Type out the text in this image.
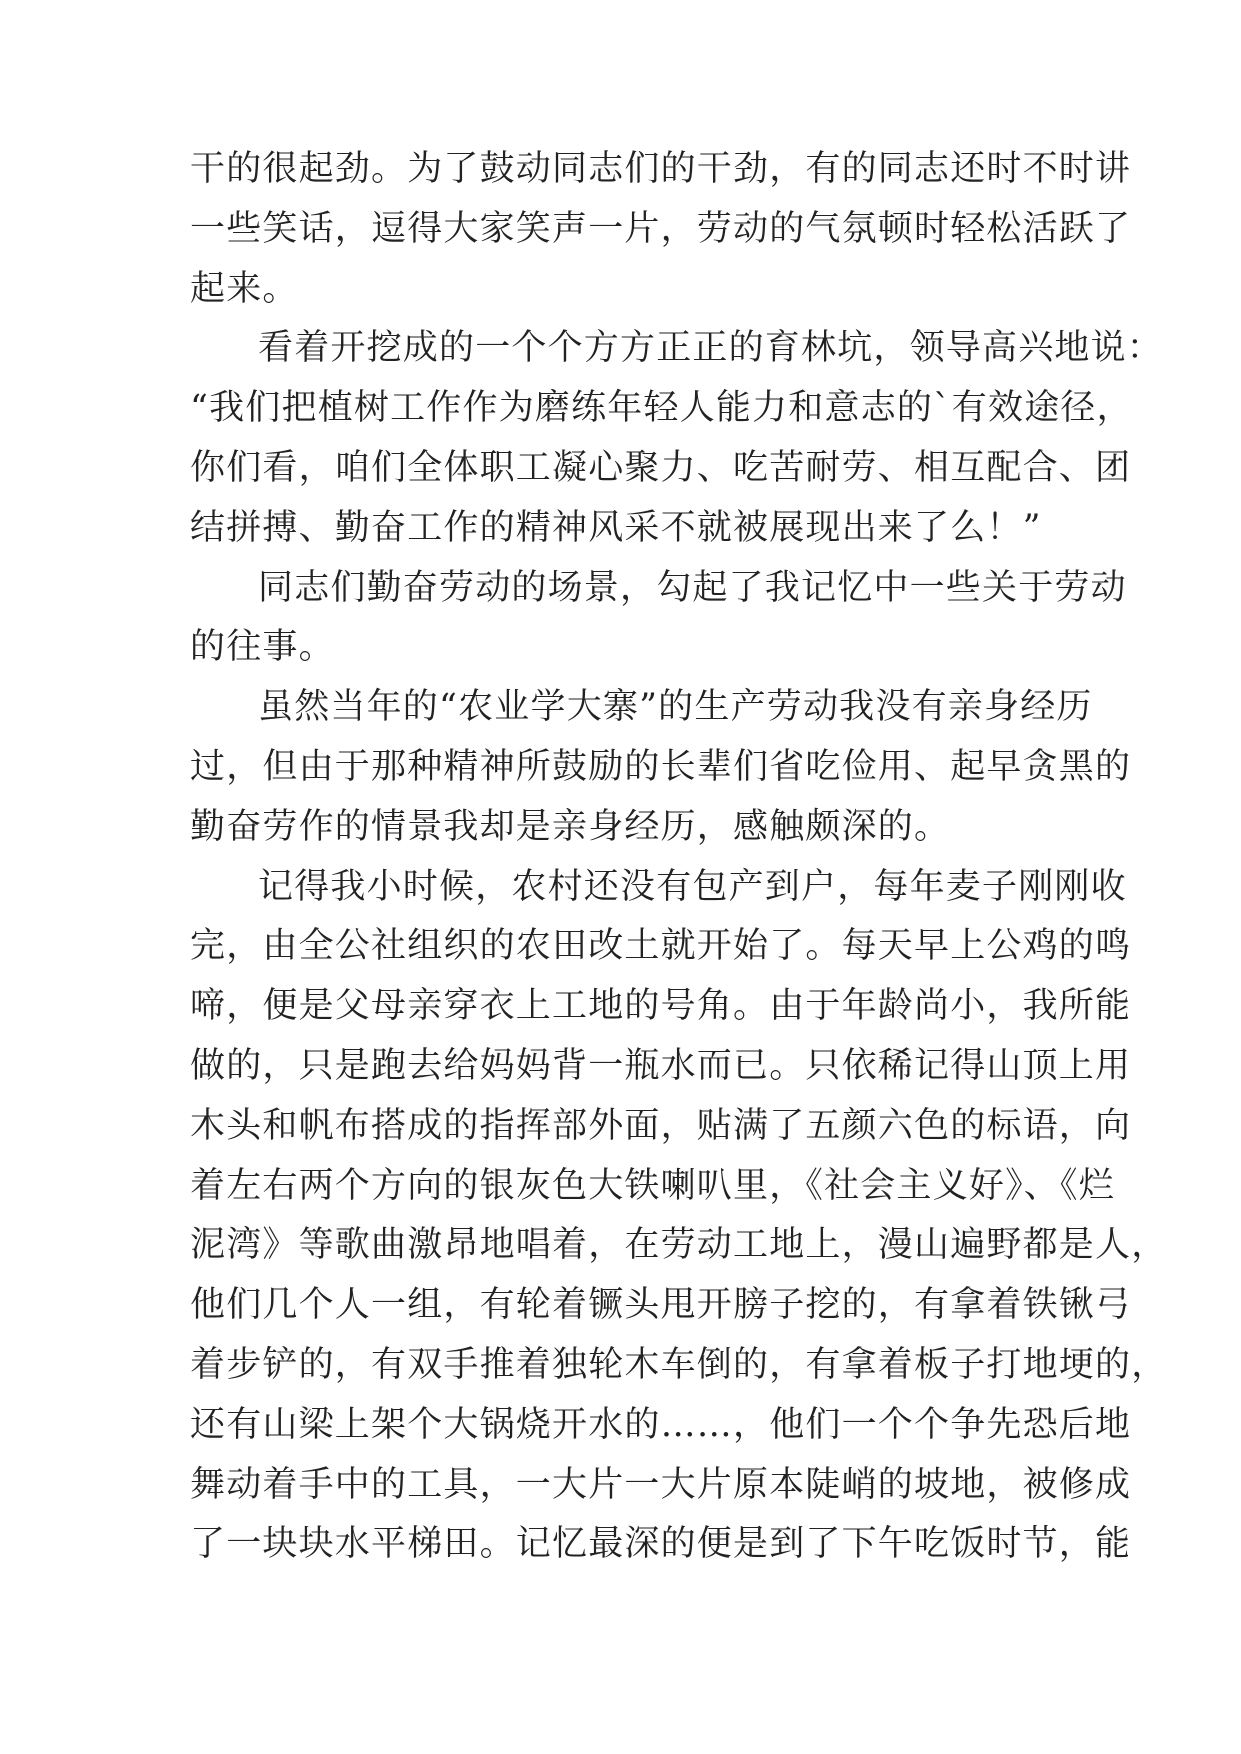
干的很起劲。为了鼓动同志们的干劲，有的同志还时不时讲
一些笑话，逗得大家笑声一片，劳动的气氛顿时轻松活跃了
起来。
看着开挖成的一个个方方正正的育林坑，领导高兴地说：
“我们把植树工作作为磨练年轻人能力和意志的`有效途径，
你们看，咱们全体职工凝心聚力、吃苦耐劳、相互配合、团
结拼搏、勤奋工作的精神风采不就被展现出来了么！”
同志们勤奋劳动的场景，勾起了我记忆中一些关于劳动
的往事。
虽然当年的“农业学大寨”的生产劳动我没有亲身经历
过，但由于那种精神所鼓励的长辈们省吃俭用、起早贪黑的
勤奋劳作的情景我却是亲身经历，感触颇深的。
记得我小时候，农村还没有包产到户，每年麦子刚刚收
完，由全公社组织的农田改土就开始了。每天早上公鸡的鸣
啼，便是父母亲穿衣上工地的号角。由于年龄尚小，我所能
做的，只是跑去给妈妈背一瓶水而已。只依稀记得山顶上用
木头和帆布搭成的指挥部外面，贴满了五颜六色的标语，向
着左右两个方向的银灰色大铁喇叭里，《社会主义好》、《烂
泥湾》等歌曲激昂地唱着，在劳动工地上，漫山遍野都是人，
他们几个人一组，有轮着镢头甩开膀子挖的，有拿着铁锹弓
着步铲的，有双手推着独轮木车倒的，有拿着板子打地埂的，
还有山梁上架个大锅烧开水的……，他们一个个争先恐后地
舞动着手中的工具，一大片一大片原本陡峭的坡地，被修成
了一块块水平梯田。记忆最深的便是到了下午吃饭时节，能
